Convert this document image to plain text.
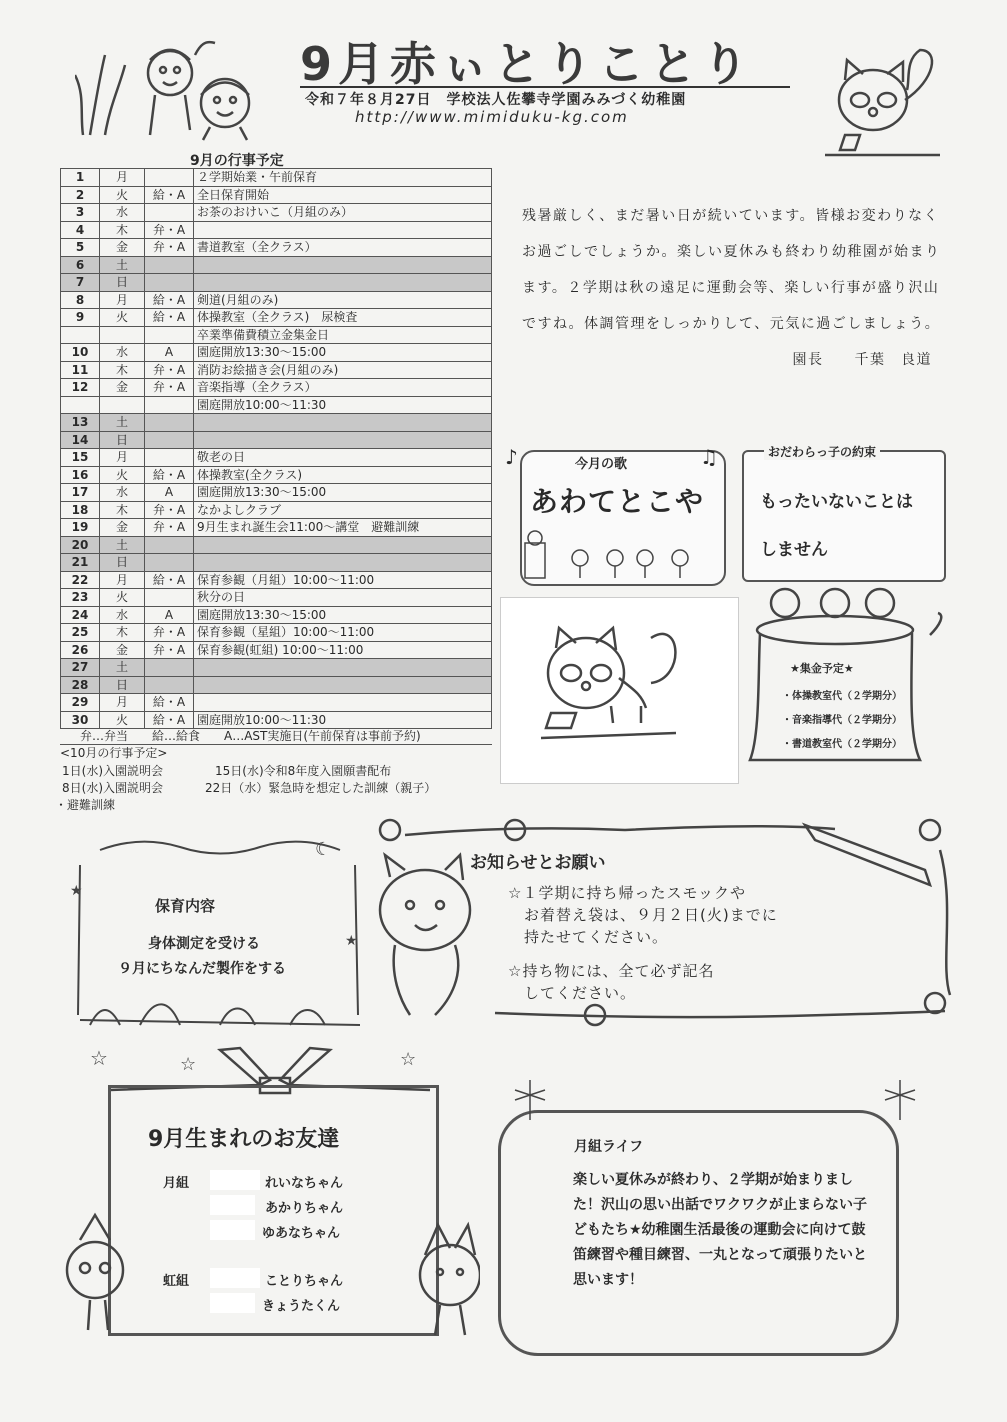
9月赤ぃとりことり
令和７年８月27日　学校法人佐攀寺学園みみづく幼稚園
http://www.mimiduku-kg.com
9月の行事予定
1	月		２学期始業・午前保育
2	火	給・A	全日保育開始
3	水		お茶のおけいこ（月組のみ）
4	木	弁・A	
5	金	弁・A	書道教室（全クラス）
6	土		
7	日		
8	月	給・A	剣道(月組のみ)
9	火	給・A	体操教室（全クラス)　尿検査
			卒業準備費積立金集金日
10	水	A	園庭開放13:30～15:00
11	木	弁・A	消防お絵描き会(月組のみ)
12	金	弁・A	音楽指導（全クラス）
			園庭開放10:00～11:30
13	土		
14	日		
15	月		敬老の日
16	火	給・A	体操教室(全クラス)
17	水	A	園庭開放13:30～15:00
18	木	弁・A	なかよしクラブ
19	金	弁・A	9月生まれ誕生会11:00～講堂　避難訓練
20	土		
21	日		
22	月	給・A	保育参観（月組）10:00～11:00
23	火		秋分の日
24	水	A	園庭開放13:30～15:00
25	木	弁・A	保育参観（星組）10:00～11:00
26	金	弁・A	保育参観(虹組) 10:00～11:00
27	土		
28	日		
29	月	給・A	
30	火	給・A	園庭開放10:00～11:30
弁…弁当　　給…給食　　A…AST実施日(午前保育は事前予約)
<10月の行事予定>
1日(水)入園説明会	15日(水)令和8年度入園願書配布
8日(水)入園説明会	22日（水）緊急時を想定した訓練（親子）
・避難訓練
残暑厳しく、まだ暑い日が続いています。皆様お変わりなくお過ごしでしょうか。楽しい夏休みも終わり幼稚園が始まります。２学期は秋の遠足に運動会等、楽しい行事が盛り沢山ですね。体調管理をしっかりして、元気に過ごしましょう。
園長　　千葉　良道
♪	♫
今月の歌
あわてとこや
おだわらっ子の約束
もったいないことは
しません
★集金予定★
・体操教室代（２学期分）
・音楽指導代（２学期分）
・書道教室代（２学期分）
☾
★
★
保育内容
身体測定を受ける
９月にちなんだ製作をする
お知らせとお願い
☆１学期に持ち帰ったスモックや
お着替え袋は、９月２日(火)までに
持たせてください。
☆持ち物には、全て必ず記名
してください。
☆	☆	☆
9月生まれのお友達
月組	れいなちゃん
あかりちゃん
ゆあなちゃん
虹組	ことりちゃん
きょうたくん
月組ライフ
楽しい夏休みが終わり、２学期が始まりまし た！沢山の思い出話でワクワクが止まらない子どもたち★幼稚園生活最後の運動会に向けて鼓笛練習や種目練習、一丸となって頑張りたいと思います！
